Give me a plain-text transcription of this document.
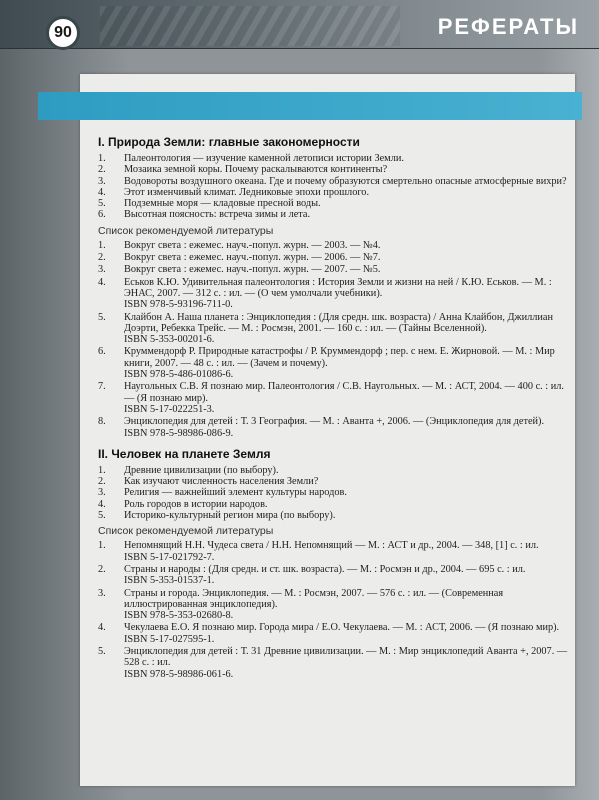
90	РЕФЕРАТЫ
I. Природа Земли: главные закономерности
1.	Палеонтология — изучение каменной летописи истории Земли.
2.	Мозаика земной коры. Почему раскалываются континенты?
3.	Водовороты воздушного океана. Где и почему образуются смертельно опасные атмосферные вихри?
4.	Этот изменчивый климат. Ледниковые эпохи прошлого.
5.	Подземные моря — кладовые пресной воды.
6.	Высотная поясность: встреча зимы и лета.
Список рекомендуемой литературы
1.	Вокруг света : ежемес. науч.-попул. журн. — 2003. — №4.
2.	Вокруг света : ежемес. науч.-попул. журн. — 2006. — №7.
3.	Вокруг света : ежемес. науч.-попул. журн. — 2007. — №5.
4.	Еськов К.Ю. Удивительная палеонтология : История Земли и жизни на ней / К.Ю. Еськов. — М. : ЭНАС, 2007. — 312 с. : ил. — (О чем умолчали учебники).
ISBN 978-5-93196-711-0.
5.	Клайбон А. Наша планета : Энциклопедия : (Для средн. шк. возраста) / Анна Клайбон, Джиллиан Доэрти, Ребекка Трейс. — М. : Росмэн, 2001. — 160 с. : ил. — (Тайны Вселенной).
ISBN 5-353-00201-6.
6.	Круммендорф Р. Природные катастрофы / Р. Круммендорф ; пер. с нем. Е. Жирновой. — М. : Мир книги, 2007. — 48 с. : ил. — (Зачем и почему).
ISBN 978-5-486-01086-6.
7.	Наугольных С.В. Я познаю мир. Палеонтология / С.В. Наугольных. — М. : АСТ, 2004. — 400 с. : ил. — (Я познаю мир).
ISBN 5-17-022251-3.
8.	Энциклопедия для детей : Т. 3 География. — М. : Аванта +, 2006. — (Энциклопедия для детей).
ISBN 978-5-98986-086-9.
II. Человек на планете Земля
1.	Древние цивилизации (по выбору).
2.	Как изучают численность населения Земли?
3.	Религия — важнейший элемент культуры народов.
4.	Роль городов в истории народов.
5.	Историко-культурный регион мира (по выбору).
Список рекомендуемой литературы
1.	Непомнящий Н.Н. Чудеса света / Н.Н. Непомнящий — М. : АСТ и др., 2004. — 348, [1] с. : ил.
ISBN 5-17-021792-7.
2.	Страны и народы : (Для средн. и ст. шк. возраста). — М. : Росмэн и др., 2004. — 695 с. : ил.
ISBN 5-353-01537-1.
3.	Страны и города. Энциклопедия. — М. : Росмэн, 2007. — 576 с. : ил. — (Современная иллюстрированная энциклопедия).
ISBN 978-5-353-02680-8.
4.	Чекулаева Е.О. Я познаю мир. Города мира / Е.О. Чекулаева. — М. : АСТ, 2006. — (Я познаю мир).
ISBN 5-17-027595-1.
5.	Энциклопедия для детей : Т. 31 Древние цивилизации. — М. : Мир энциклопедий Аванта +, 2007. — 528 с. : ил.
ISBN 978-5-98986-061-6.
